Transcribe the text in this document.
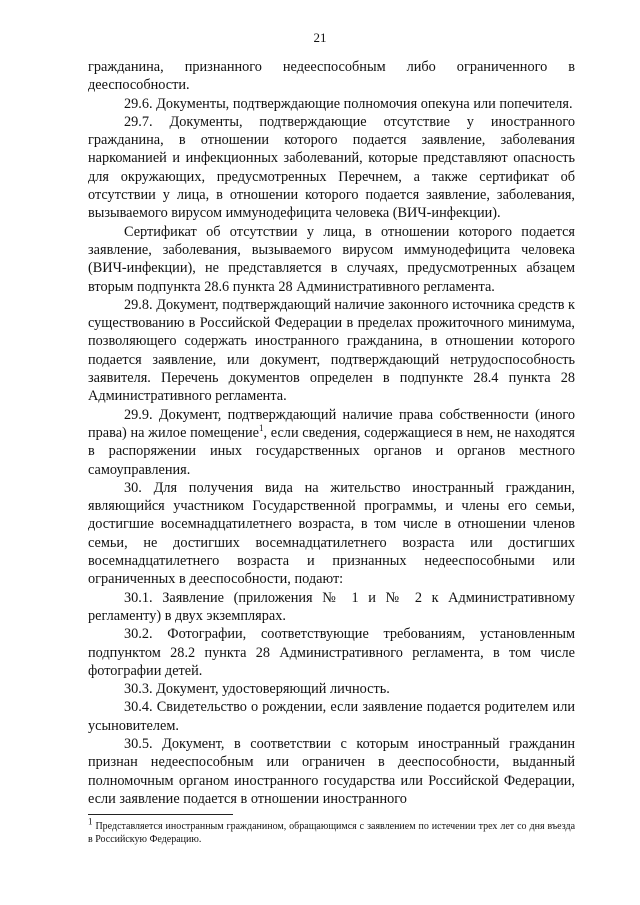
21

гражданина, признанного недееспособным либо ограниченного в дееспособности.

29.6. Документы, подтверждающие полномочия опекуна или попечителя.

29.7. Документы, подтверждающие отсутствие у иностранного гражданина, в отношении которого подается заявление, заболевания наркоманией и инфекционных заболеваний, которые представляют опасность для окружающих, предусмотренных Перечнем, а также сертификат об отсутствии у лица, в отношении которого подается заявление, заболевания, вызываемого вирусом иммунодефицита человека (ВИЧ-инфекции).

Сертификат об отсутствии у лица, в отношении которого подается заявление, заболевания, вызываемого вирусом иммунодефицита человека (ВИЧ-инфекции), не представляется в случаях, предусмотренных абзацем вторым подпункта 28.6 пункта 28 Административного регламента.

29.8. Документ, подтверждающий наличие законного источника средств к существованию в Российской Федерации в пределах прожиточного минимума, позволяющего содержать иностранного гражданина, в отношении которого подается заявление, или документ, подтверждающий нетрудоспособность заявителя. Перечень документов определен в подпункте 28.4 пункта 28 Административного регламента.

29.9. Документ, подтверждающий наличие права собственности (иного права) на жилое помещение$^1$, если сведения, содержащиеся в нем, не находятся в распоряжении иных государственных органов и органов местного самоуправления.

30. Для получения вида на жительство иностранный гражданин, являющийся участником Государственной программы, и члены его семьи, достигшие восемнадцатилетнего возраста, в том числе в отношении членов семьи, не достигших восемнадцатилетнего возраста или достигших восемнадцатилетнего возраста и признанных недееспособными или ограниченных в дееспособности, подают:

30.1. Заявление (приложения № 1 и № 2 к Административному регламенту) в двух экземплярах.

30.2. Фотографии, соответствующие требованиям, установленным подпунктом 28.2 пункта 28 Административного регламента, в том числе фотографии детей.

30.3. Документ, удостоверяющий личность.

30.4. Свидетельство о рождении, если заявление подается родителем или усыновителем.

30.5. Документ, в соответствии с которым иностранный гражданин признан недееспособным или ограничен в дееспособности, выданный полномочным органом иностранного государства или Российской Федерации, если заявление подается в отношении иностранного

$^1$ Представляется иностранным гражданином, обращающимся с заявлением по истечении трех лет со дня въезда в Российскую Федерацию.
